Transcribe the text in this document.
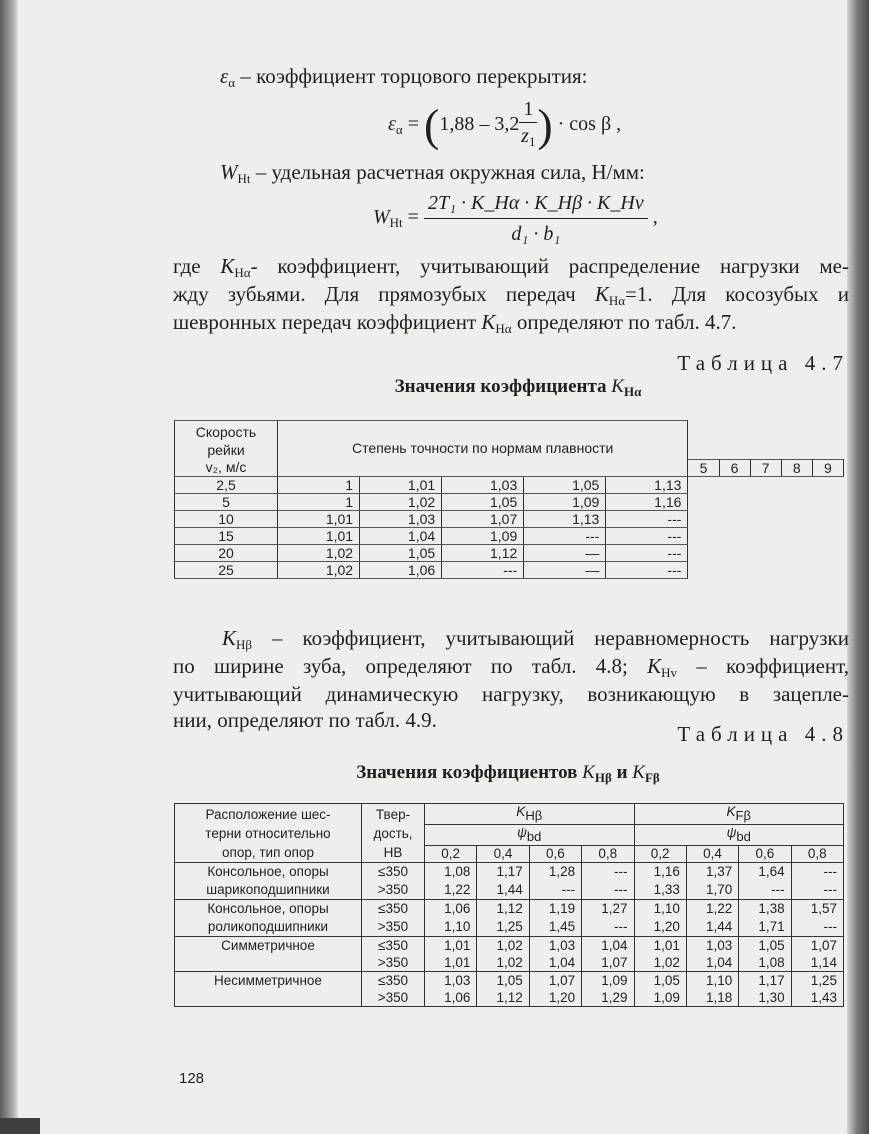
$\varepsilon_\alpha$ – коэффициент торцового перекрытия:
$\varepsilon_\alpha = (1,88 - 3,2 \frac{1}{z_1}$ ) · cos β ,
$W_{Ht}$ – удельная расчетная окружная сила, Н/мм:
$W_{Ht} = \frac{\text{2T₁ · K\_Hα · K\_Hβ · K\_Hv}}{\text{d₁ · b₁}}$ ,
где $K_{H\alpha}-$ коэффициент, учитывающий распределение нагрузки ме-
жду зубьями. Для прямозубых передач $K_{H\alpha}=1$. Для косозубых и
шевронных передач коэффициент $K_{H\alpha}$ определяют по табл. 4.7.
Таблица 4.7
Значения коэффициента $K_{H\alpha}$
Скорость
рейки	Степень точности по нормам плавности									
v₂, м/с						5	6	7	8	9
2,5	1	1,01	1,03	1,05	1,13					
5	1	1,02	1,05	1,09	1,16					
10	1,01	1,03	1,07	1,13	---					
15	1,01	1,04	1,09	---	---					
20	1,02	1,05	1,12	—	---					
25	1,02	1,06	---	—	---					
$K_{H\beta}$ – коэффициент, учитывающий неравномерность нагрузки
по ширине зуба, определяют по табл. 4.8; $K_{Hv}$ – коэффициент,
учитывающий динамическую нагрузку, возникающую в зацепле-
нии, определяют по табл. 4.9.
Таблица 4.8
Значения коэффициентов $K_{H\beta}$ и $K_{F\beta}$
Расположение шес-
терни относительно
опор, тип опор	Твер-
дость,
НВ	$K_{H\beta}$				$K_{F\beta}$
		$\psi_{bd}$				$\psi_{bd}$
		0,2	0,4	0,6	0,8	0,2	0,4	0,6	0,8
Консольное, опоры
шарикоподшипники	≤350	1,08	1,17	1,28	---	1,16	1,37	1,64	---
	>350	1,22	1,44	---	---	1,33	1,70	---	---
Консольное, опоры
роликоподшипники	≤350	1,06	1,12	1,19	1,27	1,10	1,22	1,38	1,57
	>350	1,10	1,25	1,45	---	1,20	1,44	1,71	---
Симметричное	≤350	1,01	1,02	1,03	1,04	1,01	1,03	1,05	1,07
	>350	1,01	1,02	1,04	1,07	1,02	1,04	1,08	1,14
Несимметричное	≤350	1,03	1,05	1,07	1,09	1,05	1,10	1,17	1,25
	>350	1,06	1,12	1,20	1,29	1,09	1,18	1,30	1,43
128
